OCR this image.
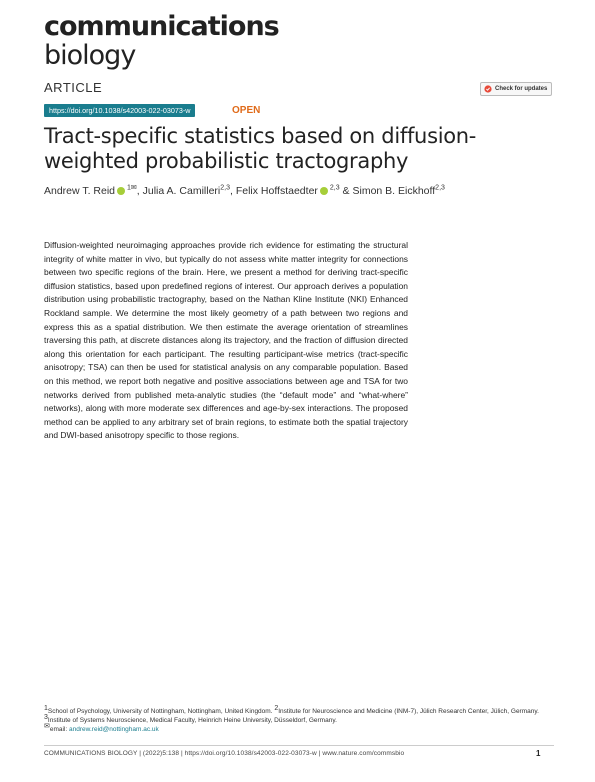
communications
biology
ARTICLE	Check for updates
https://doi.org/10.1038/s42003-022-03073-w	OPEN
Tract-specific statistics based on diffusion-weighted probabilistic tractography
Andrew T. Reid $^{1✉}$, Julia A. Camilleri$^{2,3}$, Felix Hoffstaedter $^{2,3}$ & Simon B. Eickhoff$^{2,3}$
Diffusion-weighted neuroimaging approaches provide rich evidence for estimating the structural integrity of white matter in vivo, but typically do not assess white matter integrity for connections between two specific regions of the brain. Here, we present a method for deriving tract-specific diffusion statistics, based upon predefined regions of interest. Our approach derives a population distribution using probabilistic tractography, based on the Nathan Kline Institute (NKI) Enhanced Rockland sample. We determine the most likely geometry of a path between two regions and express this as a spatial distribution. We then estimate the average orientation of streamlines traversing this path, at discrete distances along its trajectory, and the fraction of diffusion directed along this orientation for each participant. The resulting participant-wise metrics (tract-specific anisotropy; TSA) can then be used for statistical analysis on any comparable population. Based on this method, we report both negative and positive associations between age and TSA for two networks derived from published meta-analytic studies (the “default mode” and “what-where” networks), along with more moderate sex differences and age-by-sex interactions. The proposed method can be applied to any arbitrary set of brain regions, to estimate both the spatial trajectory and DWI-based anisotropy specific to those regions.
$^1$School of Psychology, University of Nottingham, Nottingham, United Kingdom. $^2$Institute for Neuroscience and Medicine (INM-7), Jülich Research Center, Jülich, Germany. $^3$Institute of Systems Neuroscience, Medical Faculty, Heinrich Heine University, Düsseldorf, Germany.
✉email: andrew.reid@nottingham.ac.uk
COMMUNICATIONS BIOLOGY | (2022)5:138 | https://doi.org/10.1038/s42003-022-03073-w | www.nature.com/commsbio	1
